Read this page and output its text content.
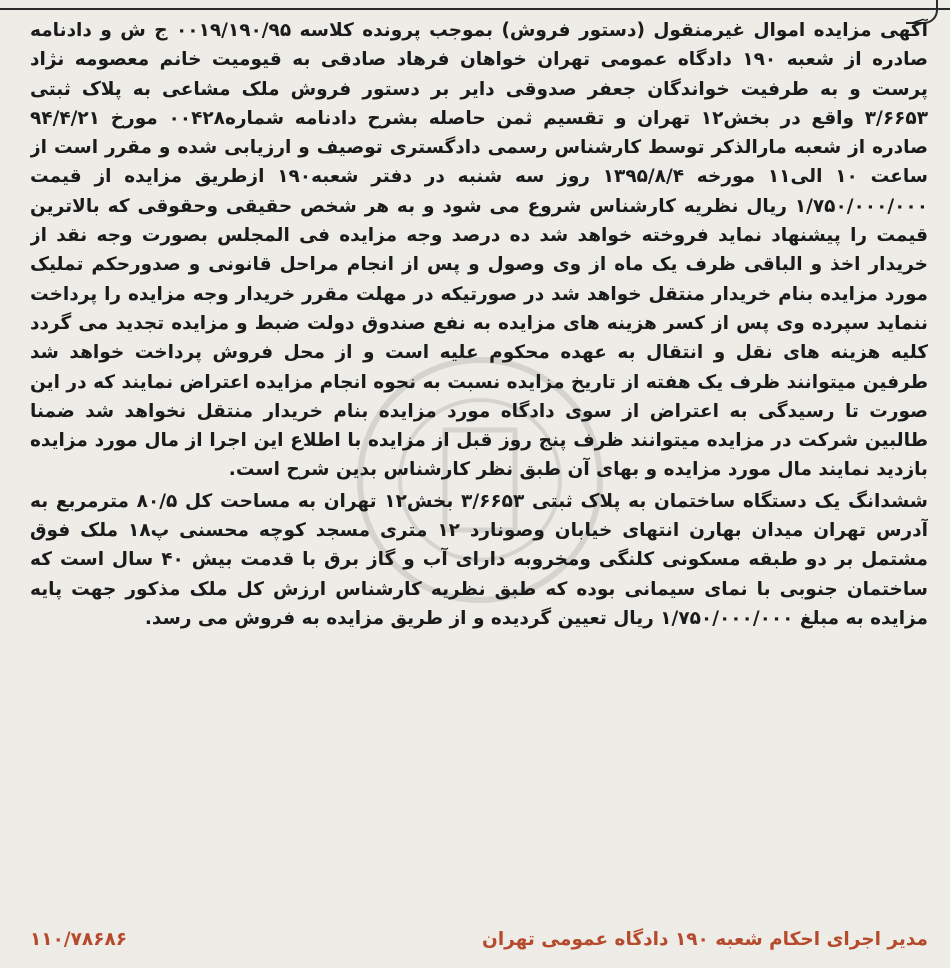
آگهی مزایده اموال غیرمنقول (دستور فروش) بموجب پرونده کلاسه ۰۰۱۹/۱۹۰/۹۵ ج ش و دادنامه صادره از شعبه ۱۹۰ دادگاه عمومی تهران خواهان فرهاد صادقی به قیومیت خانم معصومه نژاد پرست و به طرفیت خواندگان جعفر صدوقی دایر بر دستور فروش ملک مشاعی به پلاک ثبتی ۳/۶۶۵۳ واقع در بخش۱۲ تهران و تقسیم ثمن حاصله بشرح دادنامه شماره۰۰۴۲۸ مورخ ۹۴/۴/۲۱ صادره از شعبه مارالذکر توسط کارشناس رسمی دادگستری توصیف و ارزیابی شده و مقرر است از ساعت ۱۰ الی۱۱ مورخه ۱۳۹۵/۸/۴ روز سه شنبه در دفتر شعبه۱۹۰ ازطریق مزایده از قیمت ۱/۷۵۰/۰۰۰/۰۰۰ ریال نظریه کارشناس شروع می شود و به هر شخص حقیقی وحقوقی که بالاترین قیمت را پیشنهاد نماید فروخته خواهد شد ده درصد وجه مزایده فی المجلس بصورت وجه نقد از خریدار اخذ و الباقی ظرف یک ماه از وی وصول و پس از انجام مراحل قانونی و صدورحکم تملیک مورد مزایده بنام خریدار منتقل خواهد شد در صورتیکه در مهلت مقرر خریدار وجه مزایده را پرداخت ننماید سپرده وی پس از کسر هزینه های مزایده به نفع صندوق دولت ضبط و مزایده تجدید می گردد کلیه هزینه های نقل و انتقال به عهده محکوم علیه است و از محل فروش پرداخت خواهد شد طرفین میتوانند ظرف یک هفته از تاریخ مزایده نسبت به نحوه انجام مزایده اعتراض نمایند که در این صورت تا رسیدگی به اعتراض از سوی دادگاه مورد مزایده بنام خریدار منتقل نخواهد شد ضمنا طالبین شرکت در مزایده میتوانند ظرف پنج روز قبل از مزایده با اطلاع این اجرا از مال مورد مزایده بازدید نمایند مال مورد مزایده و بهای آن طبق نظر کارشناس بدین شرح است.

ششدانگ یک دستگاه ساختمان به پلاک ثبتی ۳/۶۶۵۳ بخش۱۲ تهران به مساحت کل ۸۰/۵ مترمربع به آدرس تهران میدان بهارن انتهای خیابان وصونارد ۱۲ متری مسجد کوچه محسنی پ۱۸ ملک فوق مشتمل بر دو طبقه مسکونی کلنگی ومخروبه دارای آب و گاز برق با قدمت بیش ۴۰ سال است که ساختمان جنوبی با نمای سیمانی بوده که طبق نظریه کارشناس ارزش کل ملک مذکور جهت پایه مزایده به مبلغ ۱/۷۵۰/۰۰۰/۰۰۰ ریال تعیین گردیده و از طریق مزایده به فروش می رسد.

مدیر اجرای احکام شعبه ۱۹۰ دادگاه عمومی تهران
۱۱۰/۷۸۶۸۶
